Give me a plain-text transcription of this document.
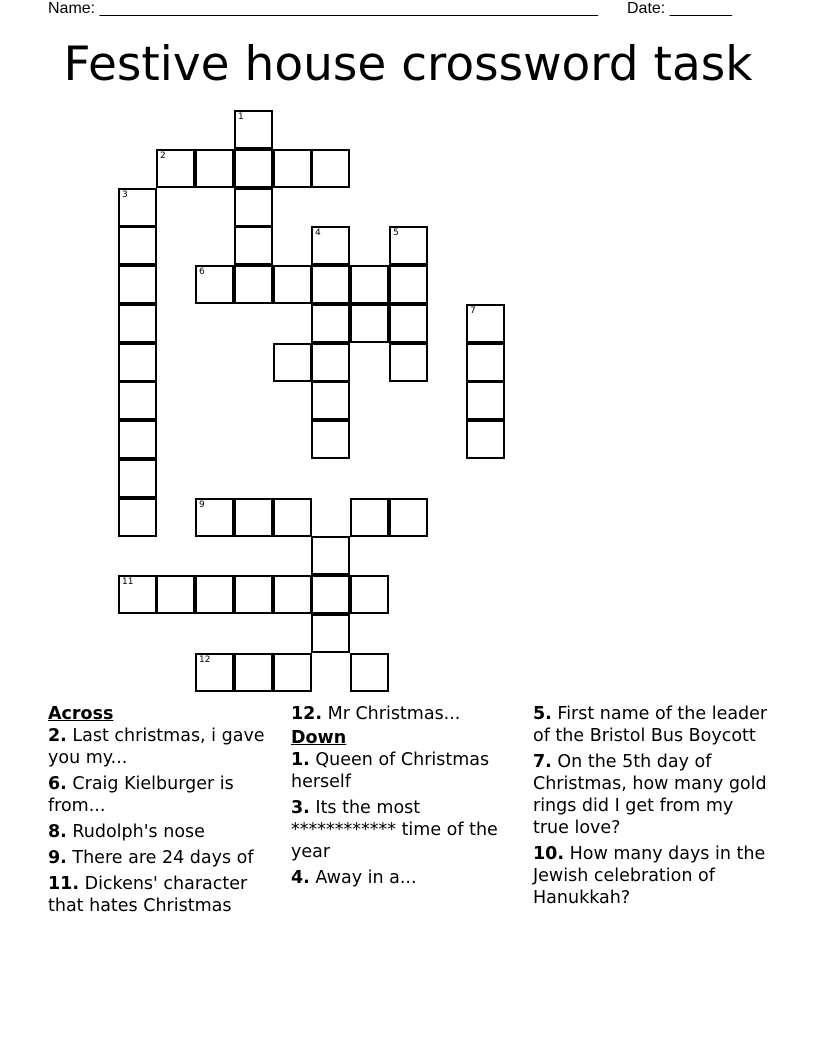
Name: ________________________________________________________ Date: _______
Festive house crossword task
1
2
3
4	5
6
7
9
11
12
Across
2. Last christmas, i gave you my...
6. Craig Kielburger is from...
8. Rudolph's nose
9. There are 24 days of
11. Dickens' character that hates Christmas
12. Mr Christmas...
Down
1. Queen of Christmas herself
3. Its the most ************ time of the year
4. Away in a...
5. First name of the leader of the Bristol Bus Boycott
7. On the 5th day of Christmas, how many gold rings did I get from my true love?
10. How many days in the Jewish celebration of Hanukkah?
